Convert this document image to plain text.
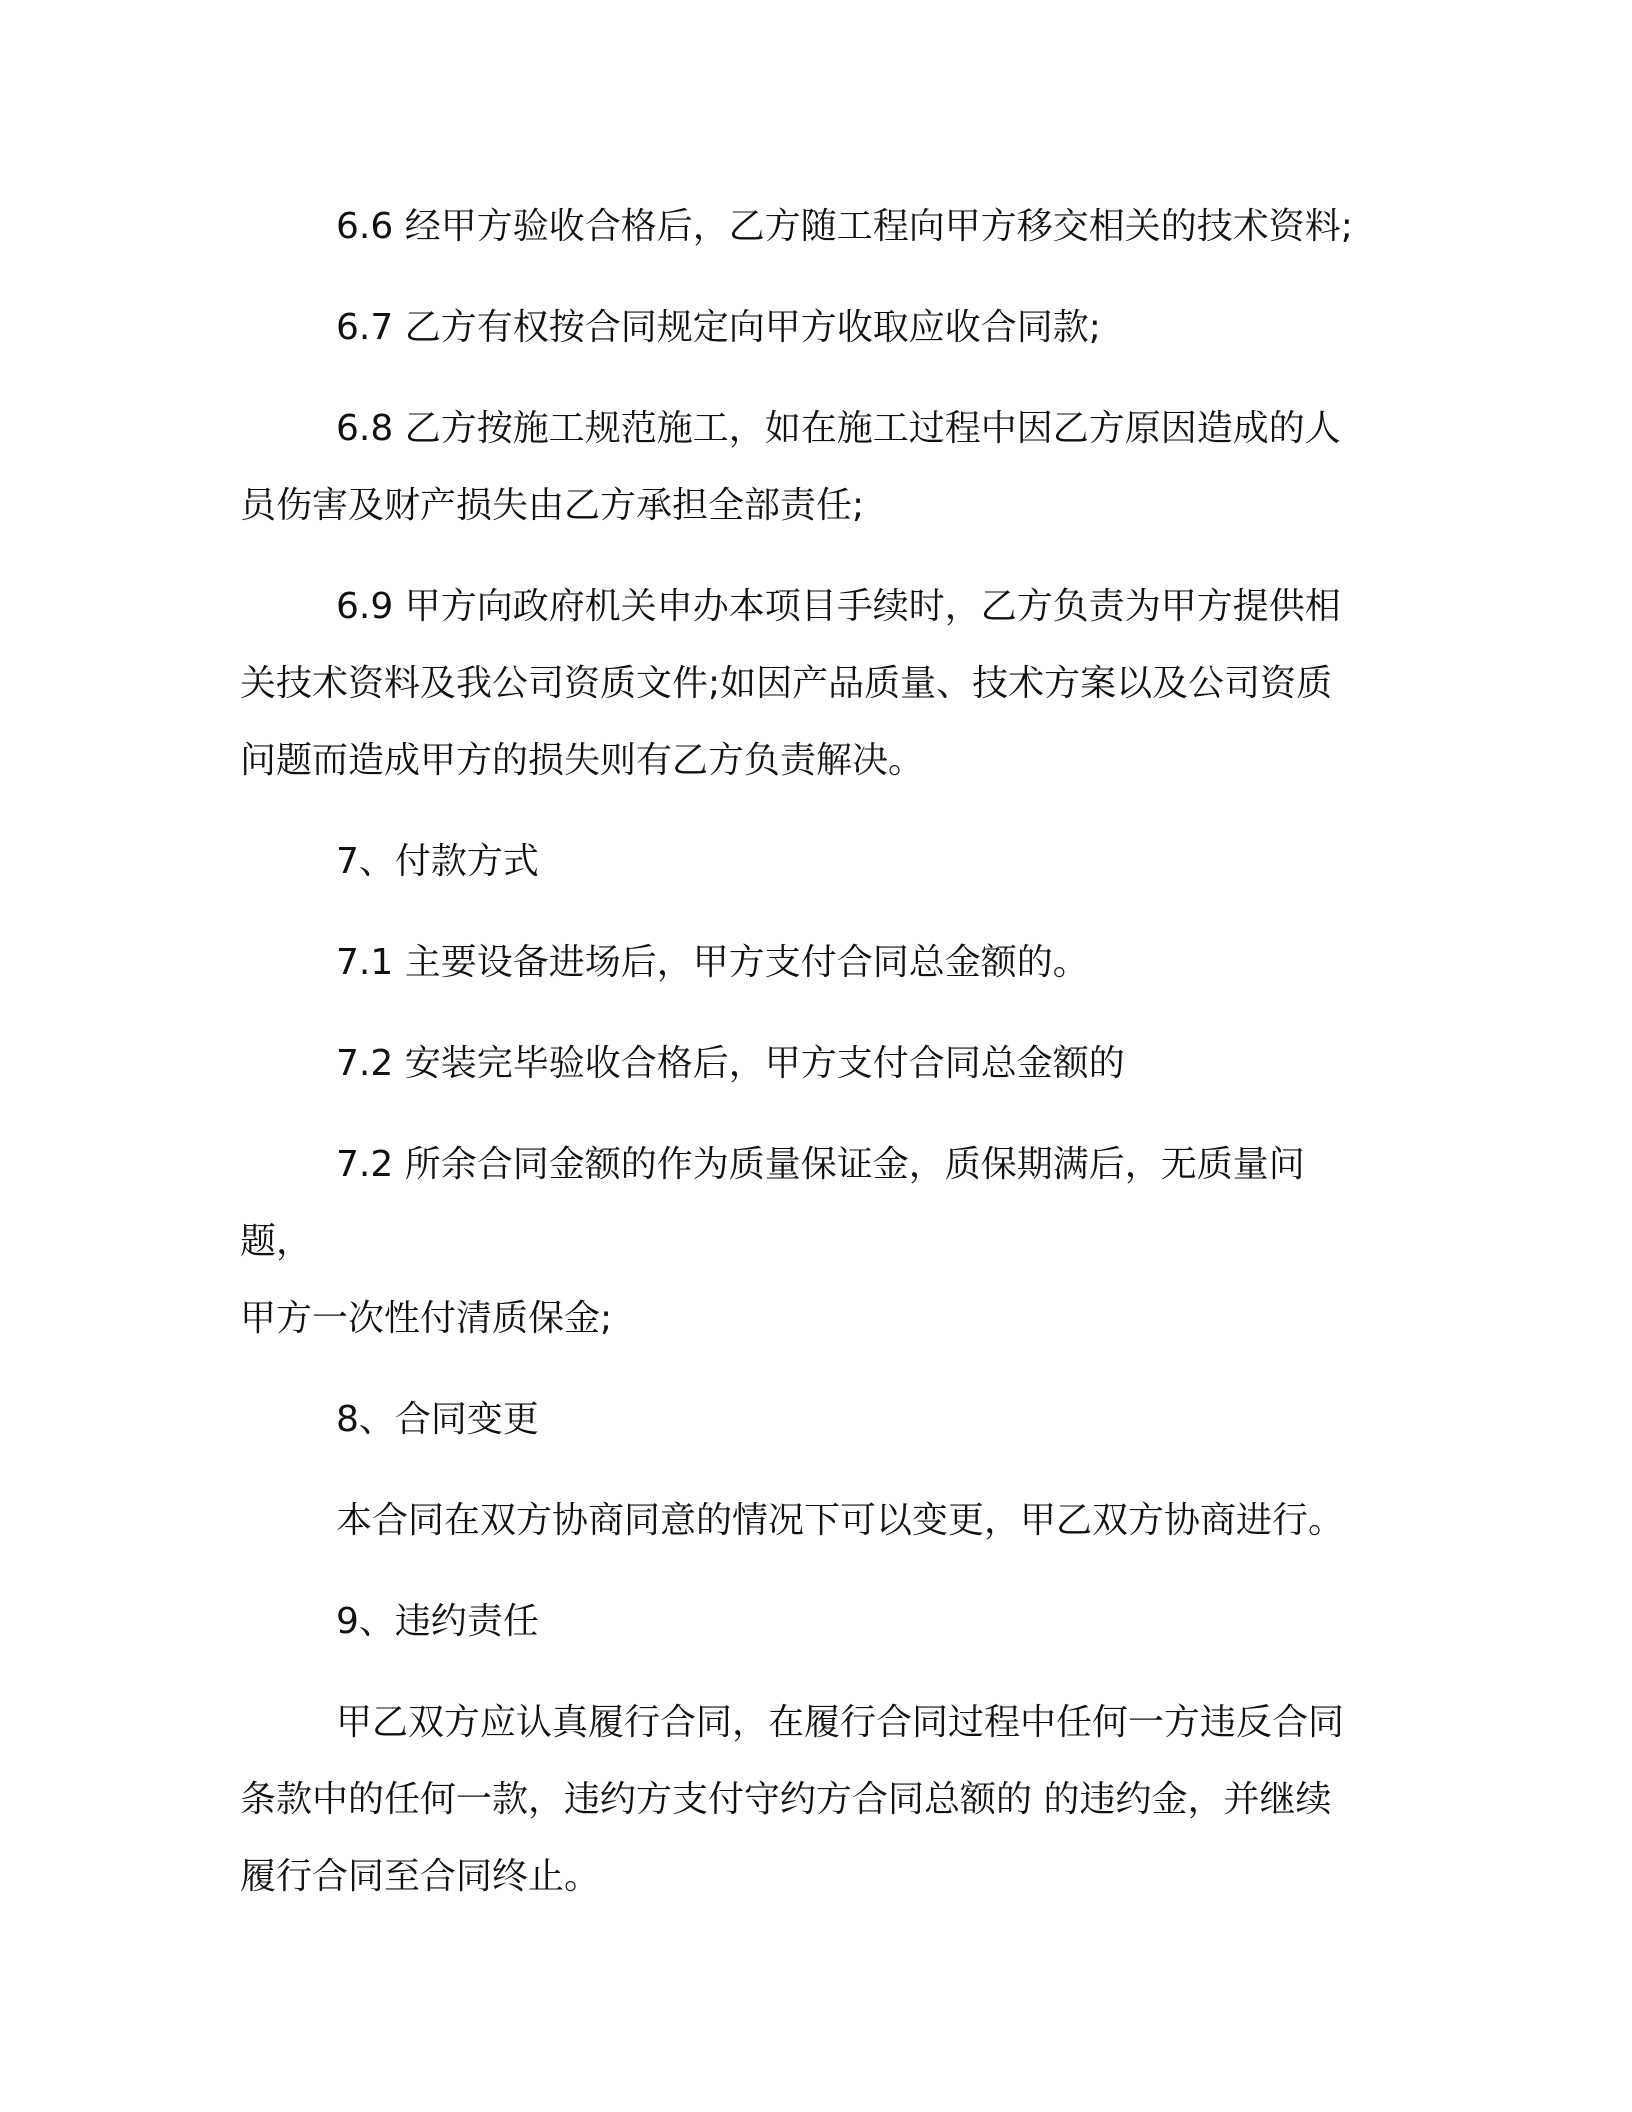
6.6 经甲方验收合格后，乙方随工程向甲方移交相关的技术资料;

6.7 乙方有权按合同规定向甲方收取应收合同款;

6.8 乙方按施工规范施工，如在施工过程中因乙方原因造成的人
员伤害及财产损失由乙方承担全部责任;

6.9 甲方向政府机关申办本项目手续时，乙方负责为甲方提供相
关技术资料及我公司资质文件;如因产品质量、技术方案以及公司资质
问题而造成甲方的损失则有乙方负责解决。

7、付款方式

7.1 主要设备进场后，甲方支付合同总金额的。

7.2 安装完毕验收合格后，甲方支付合同总金额的

7.2 所余合同金额的作为质量保证金，质保期满后，无质量问题，
甲方一次性付清质保金;

8、合同变更

本合同在双方协商同意的情况下可以变更，甲乙双方协商进行。

9、违约责任

甲乙双方应认真履行合同，在履行合同过程中任何一方违反合同
条款中的任何一款，违约方支付守约方合同总额的 的违约金，并继续
履行合同至合同终止。
